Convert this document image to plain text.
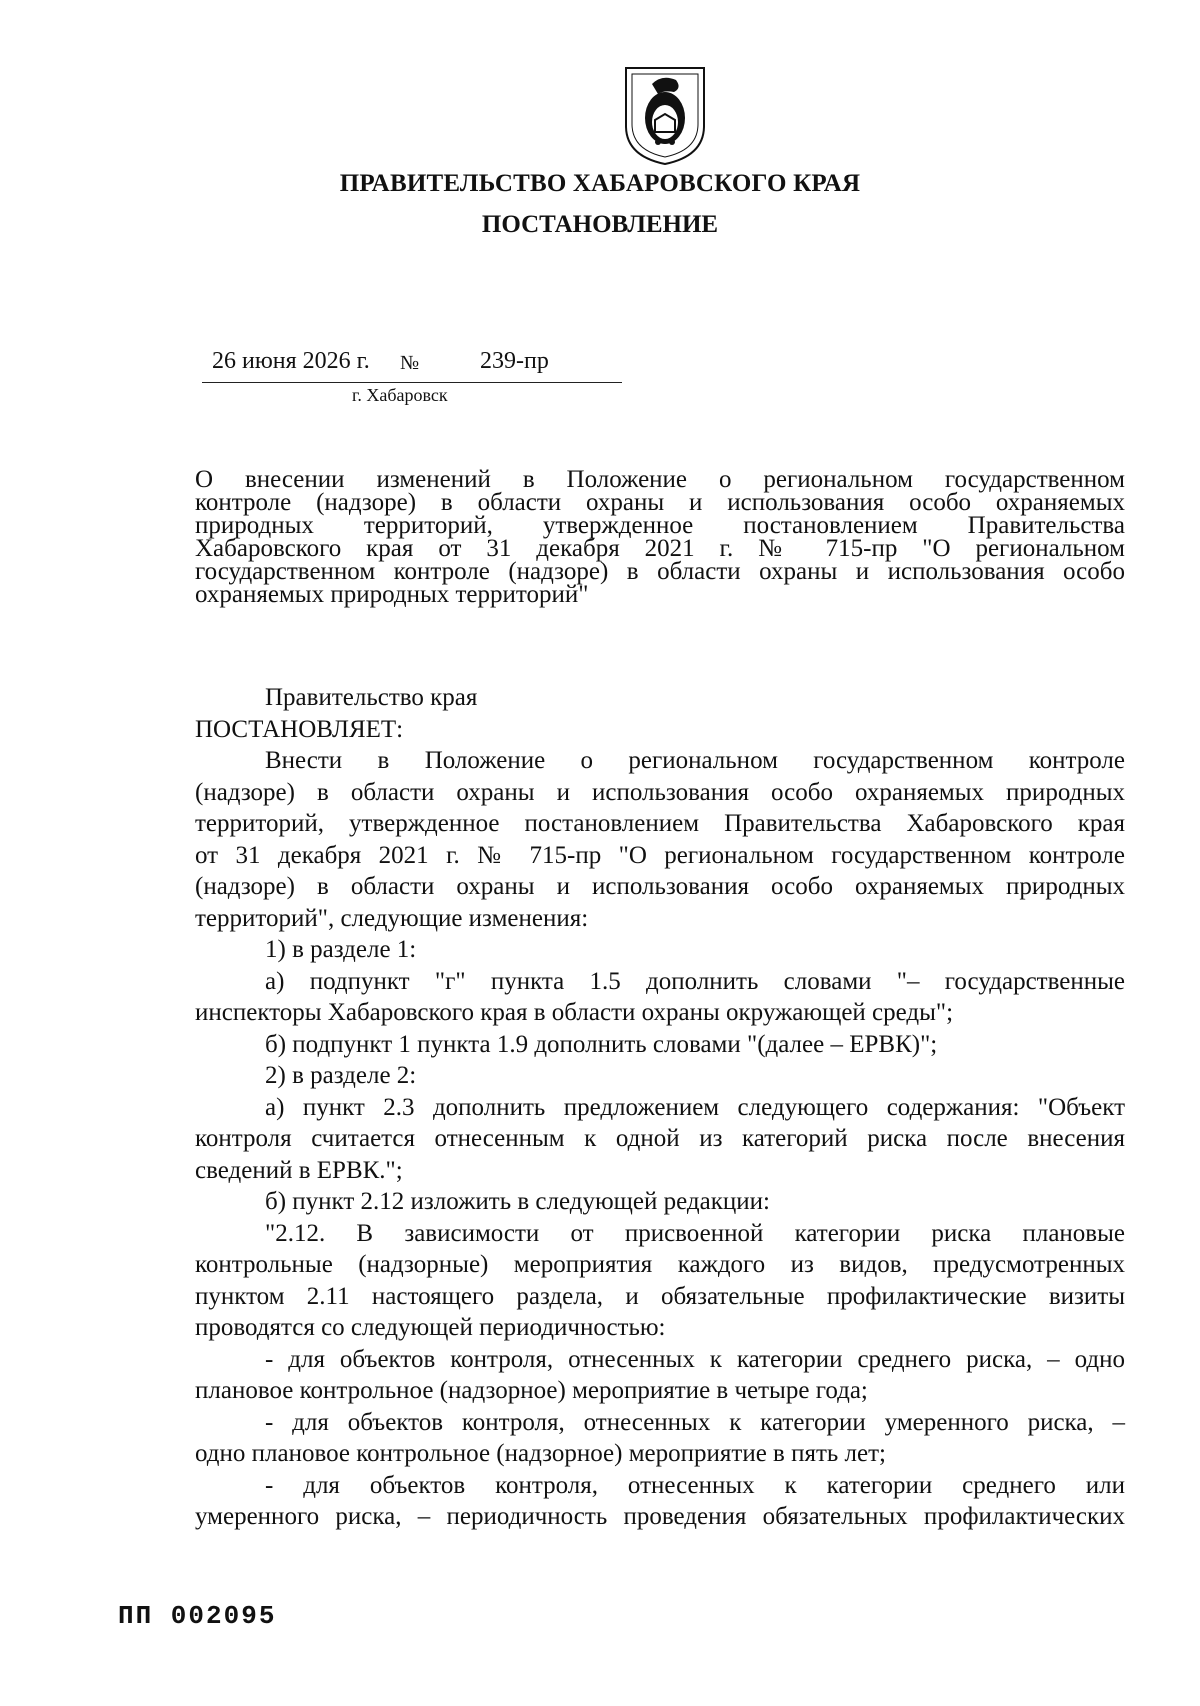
ПРАВИТЕЛЬСТВО ХАБАРОВСКОГО КРАЯ
ПОСТАНОВЛЕНИЕ
26 июня 2026 г. №	239-пр
г. Хабаровск
О внесении изменений в Положение о региональном государственном
контроле (надзоре) в области охраны и использования особо охраняемых
природных территорий, утвержденное постановлением Правительства
Хабаровского края от 31 декабря 2021 г. № 715-пр "О региональном
государственном контроле (надзоре) в области охраны и использования особо
охраняемых природных территорий"
Правительство края
ПОСТАНОВЛЯЕТ:
Внести в Положение о региональном государственном контроле
(надзоре) в области охраны и использования особо охраняемых природных
территорий, утвержденное постановлением Правительства Хабаровского края
от 31 декабря 2021 г. № 715-пр "О региональном государственном контроле
(надзоре) в области охраны и использования особо охраняемых природных
территорий", следующие изменения:
1) в разделе 1:
а) подпункт "г" пункта 1.5 дополнить словами "– государственные
инспекторы Хабаровского края в области охраны окружающей среды";
б) подпункт 1 пункта 1.9 дополнить словами "(далее – ЕРВК)";
2) в разделе 2:
а) пункт 2.3 дополнить предложением следующего содержания: "Объект
контроля считается отнесенным к одной из категорий риска после внесения
сведений в ЕРВК.";
б) пункт 2.12 изложить в следующей редакции:
"2.12. В зависимости от присвоенной категории риска плановые
контрольные (надзорные) мероприятия каждого из видов, предусмотренных
пунктом 2.11 настоящего раздела, и обязательные профилактические визиты
проводятся со следующей периодичностью:
- для объектов контроля, отнесенных к категории среднего риска, – одно
плановое контрольное (надзорное) мероприятие в четыре года;
- для объектов контроля, отнесенных к категории умеренного риска, –
одно плановое контрольное (надзорное) мероприятие в пять лет;
- для объектов контроля, отнесенных к категории среднего или
умеренного риска, – периодичность проведения обязательных профилактических
ПП 002095
